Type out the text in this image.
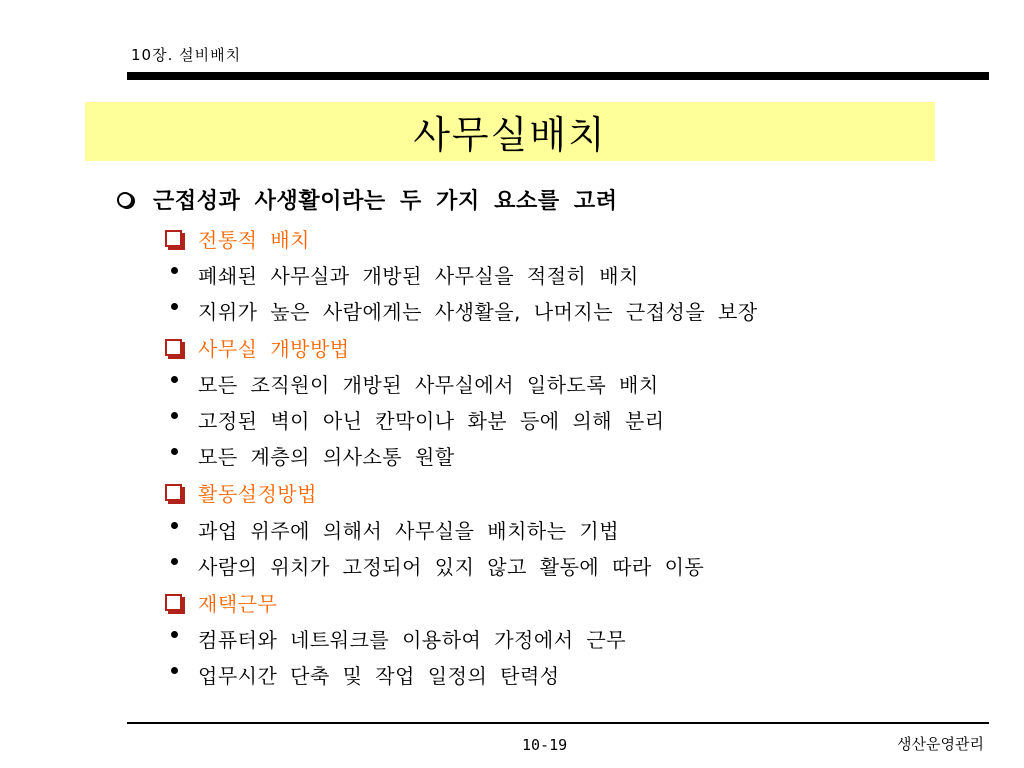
10장. 설비배치
사무실배치
근접성과 사생활이라는 두 가지 요소를 고려
전통적 배치
폐쇄된 사무실과 개방된 사무실을 적절히 배치
지위가 높은 사람에게는 사생활을, 나머지는 근접성을 보장
사무실 개방방법
모든 조직원이 개방된 사무실에서 일하도록 배치
고정된 벽이 아닌 칸막이나 화분 등에 의해 분리
모든 계층의 의사소통 원할
활동설정방법
과업 위주에 의해서 사무실을 배치하는 기법
사람의 위치가 고정되어 있지 않고 활동에 따라 이동
재택근무
컴퓨터와 네트워크를 이용하여 가정에서 근무
업무시간 단축 및 작업 일정의 탄력성
10-19	생산운영관리
